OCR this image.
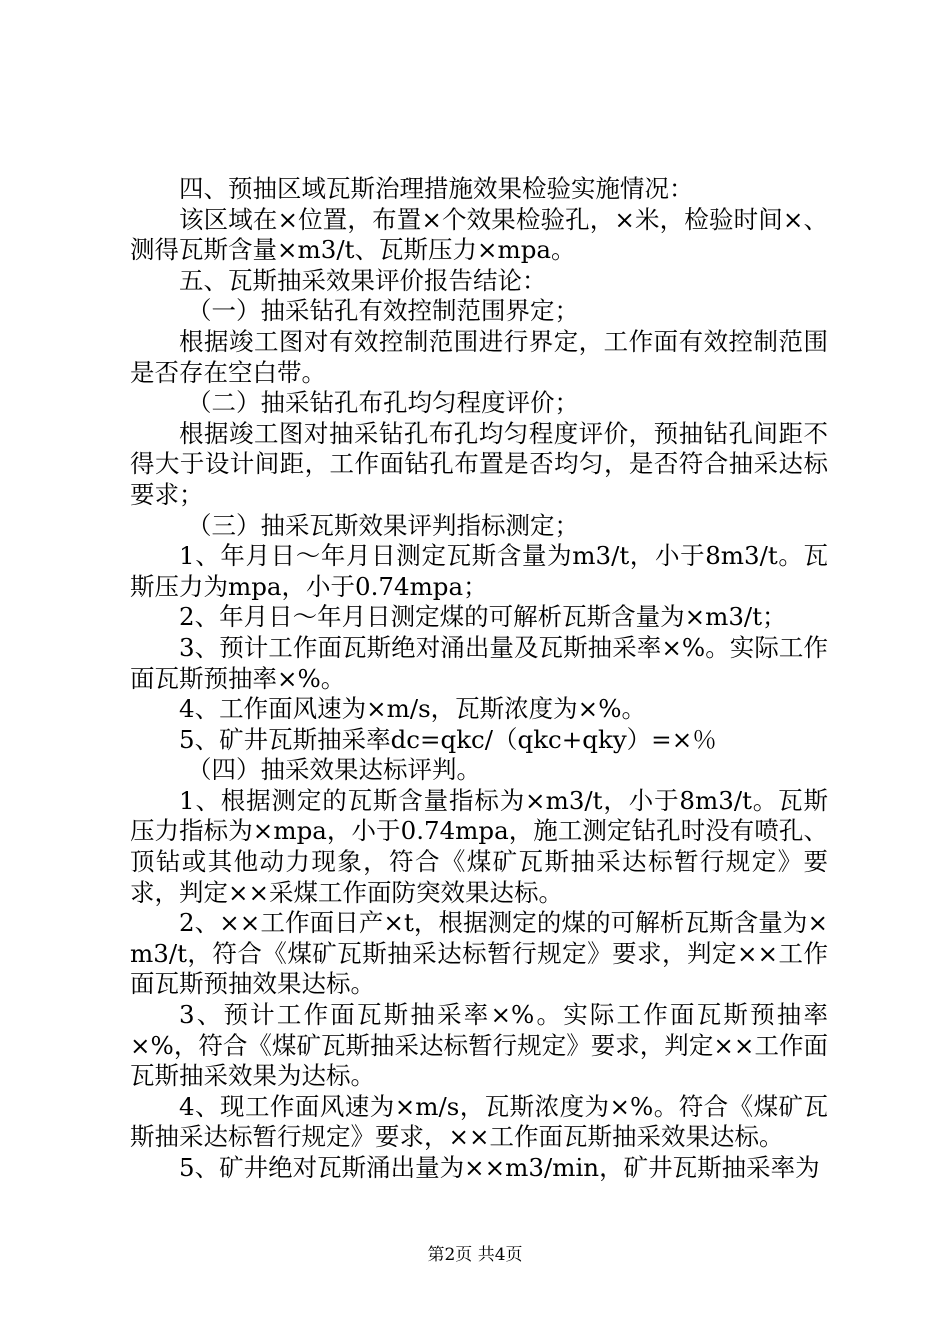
四、预抽区域瓦斯治理措施效果检验实施情况：

该区域在×位置，布置×个效果检验孔，×米，检验时间×、测得瓦斯含量×m3/t、瓦斯压力×mpa。

五、瓦斯抽采效果评价报告结论：

（一）抽采钻孔有效控制范围界定；

根据竣工图对有效控制范围进行界定，工作面有效控制范围是否存在空白带。

（二）抽采钻孔布孔均匀程度评价；

根据竣工图对抽采钻孔布孔均匀程度评价，预抽钻孔间距不得大于设计间距，工作面钻孔布置是否均匀，是否符合抽采达标要求；

（三）抽采瓦斯效果评判指标测定；

1、年月日～年月日测定瓦斯含量为m3/t，小于8m3/t。瓦斯压力为mpa，小于0.74mpa；

2、年月日～年月日测定煤的可解析瓦斯含量为×m3/t；

3、预计工作面瓦斯绝对涌出量及瓦斯抽采率×%。实际工作面瓦斯预抽率×%。

4、工作面风速为×m/s，瓦斯浓度为×%。

5、矿井瓦斯抽采率dc=qkc/（qkc+qky）=×％

（四）抽采效果达标评判。

1、根据测定的瓦斯含量指标为×m3/t，小于8m3/t。瓦斯压力指标为×mpa，小于0.74mpa，施工测定钻孔时没有喷孔、顶钻或其他动力现象，符合《煤矿瓦斯抽采达标暂行规定》要求，判定××采煤工作面防突效果达标。

2、××工作面日产×t，根据测定的煤的可解析瓦斯含量为×m3/t，符合《煤矿瓦斯抽采达标暂行规定》要求，判定××工作面瓦斯预抽效果达标。

3、预计工作面瓦斯抽采率×%。实际工作面瓦斯预抽率×%，符合《煤矿瓦斯抽采达标暂行规定》要求，判定××工作面瓦斯抽采效果为达标。

4、现工作面风速为×m/s，瓦斯浓度为×%。符合《煤矿瓦斯抽采达标暂行规定》要求，××工作面瓦斯抽采效果达标。

5、矿井绝对瓦斯涌出量为××m3/min，矿井瓦斯抽采率为

第2页 共4页
